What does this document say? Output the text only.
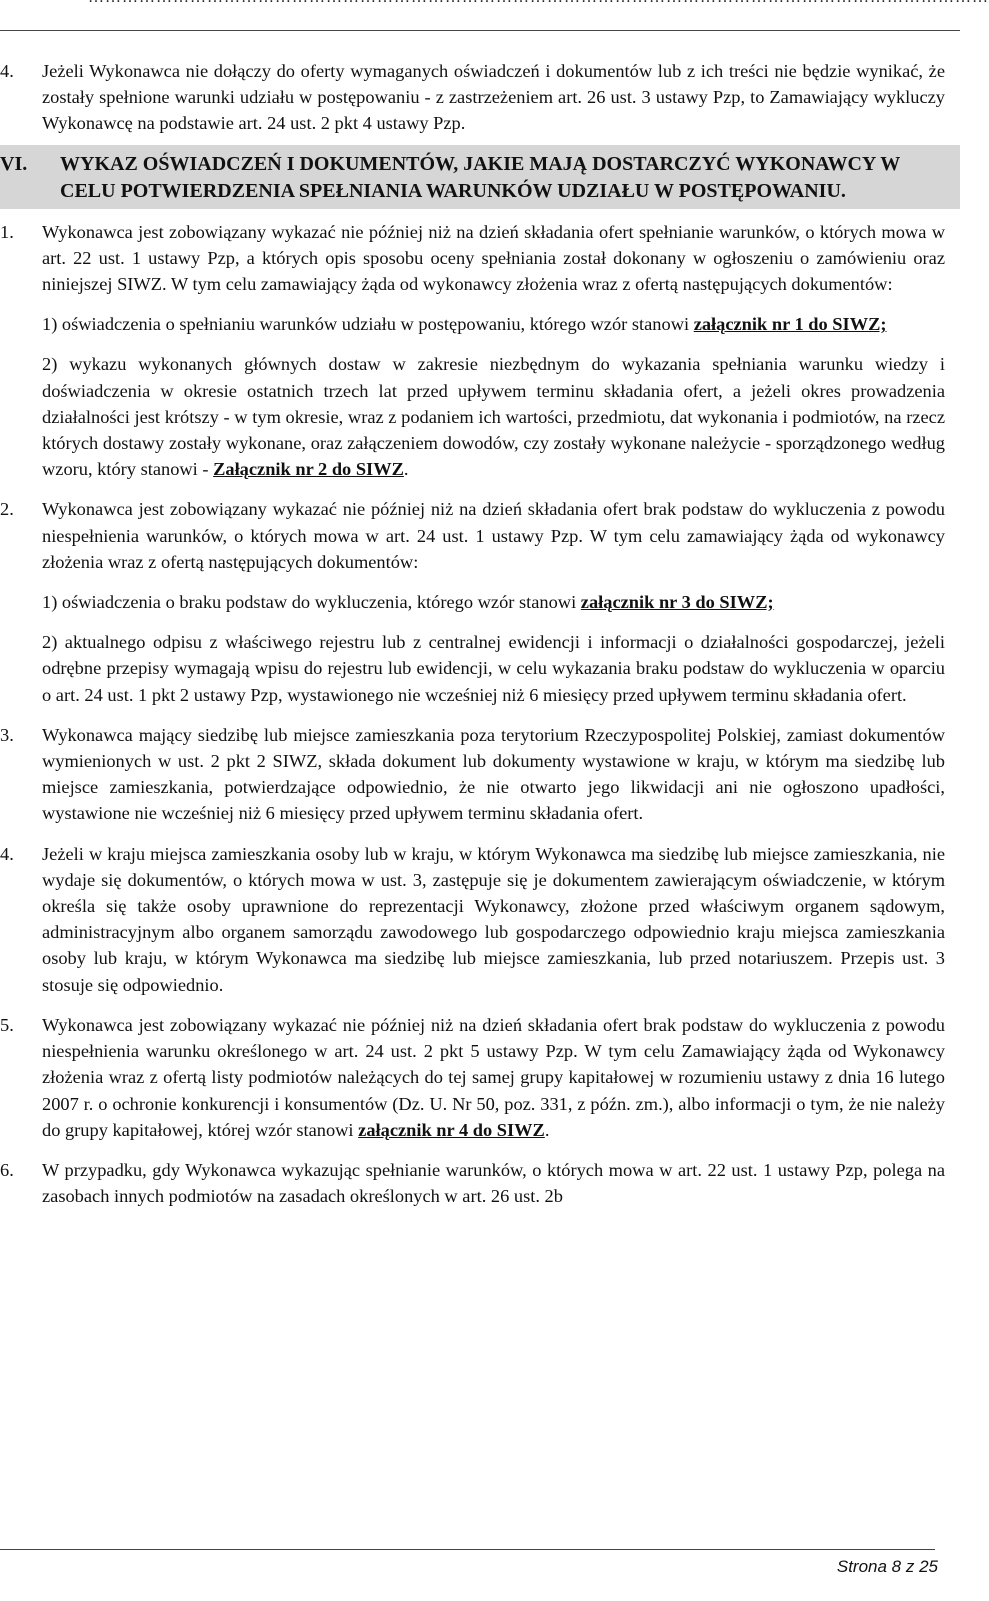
4. Jeżeli Wykonawca nie dołączy do oferty wymaganych oświadczeń i dokumentów lub z ich treści nie będzie wynikać, że zostały spełnione warunki udziału w postępowaniu - z zastrzeżeniem art. 26 ust. 3 ustawy Pzp, to Zamawiający wykluczy Wykonawcę na podstawie art. 24 ust. 2 pkt 4 ustawy Pzp.

VI. WYKAZ OŚWIADCZEŃ I DOKUMENTÓW, JAKIE MAJĄ DOSTARCZYĆ WYKONAWCY W CELU POTWIERDZENIA SPEŁNIANIA WARUNKÓW UDZIAŁU W POSTĘPOWANIU.

1. Wykonawca jest zobowiązany wykazać nie później niż na dzień składania ofert spełnianie warunków, o których mowa w art. 22 ust. 1 ustawy Pzp, a których opis sposobu oceny spełniania został dokonany w ogłoszeniu o zamówieniu oraz niniejszej SIWZ. W tym celu zamawiający żąda od wykonawcy złożenia wraz z ofertą następujących dokumentów:

1) oświadczenia o spełnianiu warunków udziału w postępowaniu, którego wzór stanowi załącznik nr 1 do SIWZ;

2) wykazu wykonanych głównych dostaw w zakresie niezbędnym do wykazania spełniania warunku wiedzy i doświadczenia w okresie ostatnich trzech lat przed upływem terminu składania ofert, a jeżeli okres prowadzenia działalności jest krótszy - w tym okresie, wraz z podaniem ich wartości, przedmiotu, dat wykonania i podmiotów, na rzecz których dostawy zostały wykonane, oraz załączeniem dowodów, czy zostały wykonane należycie - sporządzonego według wzoru, który stanowi - Załącznik nr 2 do SIWZ.

2. Wykonawca jest zobowiązany wykazać nie później niż na dzień składania ofert brak podstaw do wykluczenia z powodu niespełnienia warunków, o których mowa w art. 24 ust. 1 ustawy Pzp. W tym celu zamawiający żąda od wykonawcy złożenia wraz z ofertą następujących dokumentów:

1) oświadczenia o braku podstaw do wykluczenia, którego wzór stanowi załącznik nr 3 do SIWZ;

2) aktualnego odpisu z właściwego rejestru lub z centralnej ewidencji i informacji o działalności gospodarczej, jeżeli odrębne przepisy wymagają wpisu do rejestru lub ewidencji, w celu wykazania braku podstaw do wykluczenia w oparciu o art. 24 ust. 1 pkt 2 ustawy Pzp, wystawionego nie wcześniej niż 6 miesięcy przed upływem terminu składania ofert.

3. Wykonawca mający siedzibę lub miejsce zamieszkania poza terytorium Rzeczypospolitej Polskiej, zamiast dokumentów wymienionych w ust. 2 pkt 2 SIWZ, składa dokument lub dokumenty wystawione w kraju, w którym ma siedzibę lub miejsce zamieszkania, potwierdzające odpowiednio, że nie otwarto jego likwidacji ani nie ogłoszono upadłości, wystawione nie wcześniej niż 6 miesięcy przed upływem terminu składania ofert.

4. Jeżeli w kraju miejsca zamieszkania osoby lub w kraju, w którym Wykonawca ma siedzibę lub miejsce zamieszkania, nie wydaje się dokumentów, o których mowa w ust. 3, zastępuje się je dokumentem zawierającym oświadczenie, w którym określa się także osoby uprawnione do reprezentacji Wykonawcy, złożone przed właściwym organem sądowym, administracyjnym albo organem samorządu zawodowego lub gospodarczego odpowiednio kraju miejsca zamieszkania osoby lub kraju, w którym Wykonawca ma siedzibę lub miejsce zamieszkania, lub przed notariuszem. Przepis ust. 3 stosuje się odpowiednio.

5. Wykonawca jest zobowiązany wykazać nie później niż na dzień składania ofert brak podstaw do wykluczenia z powodu niespełnienia warunku określonego w art. 24 ust. 2 pkt 5 ustawy Pzp. W tym celu Zamawiający żąda od Wykonawcy złożenia wraz z ofertą listy podmiotów należących do tej samej grupy kapitałowej w rozumieniu ustawy z dnia 16 lutego 2007 r. o ochronie konkurencji i konsumentów (Dz. U. Nr 50, poz. 331, z późn. zm.), albo informacji o tym, że nie należy do grupy kapitałowej, której wzór stanowi załącznik nr 4 do SIWZ.

6. W przypadku, gdy Wykonawca wykazując spełnianie warunków, o których mowa w art. 22 ust. 1 ustawy Pzp, polega na zasobach innych podmiotów na zasadach określonych w art. 26 ust. 2b

Strona 8 z 25
